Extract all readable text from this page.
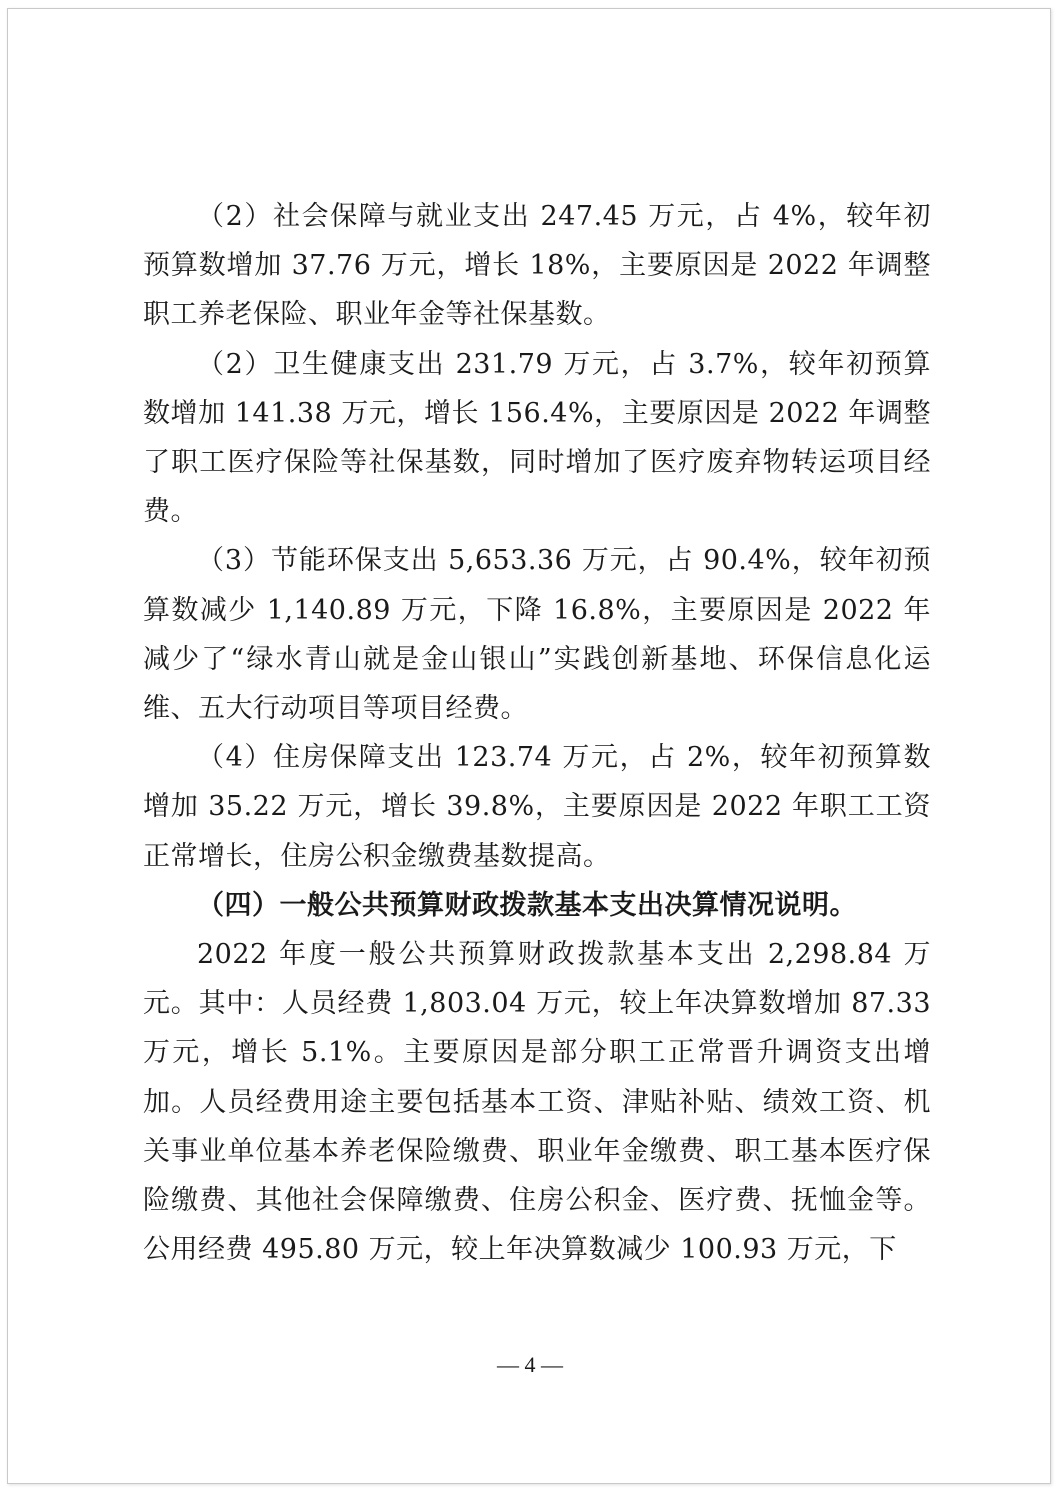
（2）社会保障与就业支出 247.45 万元，占 4%，较年初预算数增加 37.76 万元，增长 18%，主要原因是 2022 年调整职工养老保险、职业年金等社保基数。

（2）卫生健康支出 231.79 万元，占 3.7%，较年初预算数增加 141.38 万元，增长 156.4%，主要原因是 2022 年调整了职工医疗保险等社保基数，同时增加了医疗废弃物转运项目经费。

（3）节能环保支出 5,653.36 万元，占 90.4%，较年初预算数减少 1,140.89 万元，下降 16.8%，主要原因是 2022 年减少了“绿水青山就是金山银山”实践创新基地、环保信息化运维、五大行动项目等项目经费。

（4）住房保障支出 123.74 万元，占 2%，较年初预算数增加 35.22 万元，增长 39.8%，主要原因是 2022 年职工工资正常增长，住房公积金缴费基数提高。

（四）一般公共预算财政拨款基本支出决算情况说明。

2022 年度一般公共预算财政拨款基本支出 2,298.84 万元。其中：人员经费 1,803.04 万元，较上年决算数增加 87.33 万元，增长 5.1%。主要原因是部分职工正常晋升调资支出增加。人员经费用途主要包括基本工资、津贴补贴、绩效工资、机关事业单位基本养老保险缴费、职业年金缴费、职工基本医疗保险缴费、其他社会保障缴费、住房公积金、医疗费、抚恤金等。公用经费 495.80 万元，较上年决算数减少 100.93 万元，下

— 4 —
